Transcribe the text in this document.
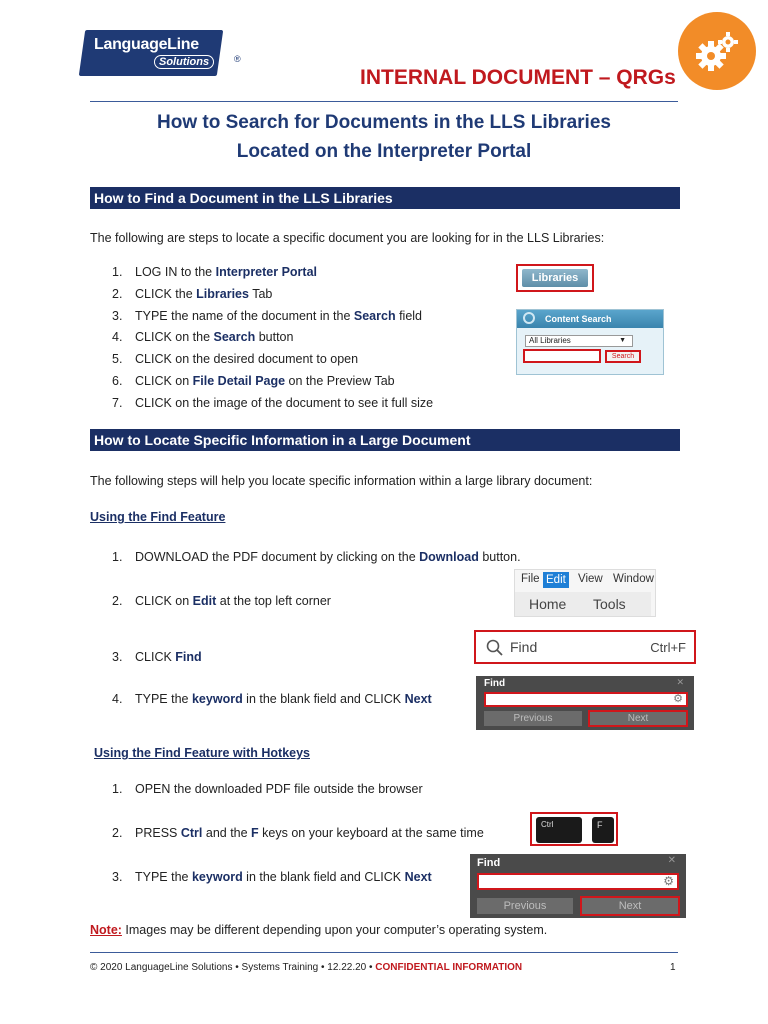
LanguageLine
Solutions	®
INTERNAL DOCUMENT – QRGs
How to Search for Documents in the LLS Libraries
Located on the Interpreter Portal
How to Find a Document in the LLS Libraries
The following are steps to locate a specific document you are looking for in the LLS Libraries:
1. LOG IN to the Interpreter Portal
2. CLICK the Libraries Tab
3. TYPE the name of the document in the Search field
4. CLICK on the Search button
5. CLICK on the desired document to open
6. CLICK on File Detail Page on the Preview Tab
7. CLICK on the image of the document to see it full size
Libraries
Content Search
All Libraries	▼
Search
How to Locate Specific Information in a Large Document
The following steps will help you locate specific information within a large library document:
Using the Find Feature
1. DOWNLOAD the PDF document by clicking on the Download button.
2. CLICK on Edit at the top left corner
3. CLICK Find
4. TYPE the keyword in the blank field and CLICK Next
File Edit View Window
Home Tools
Find	Ctrl+F
Find	✕
⚙
Previous	Next
Using the Find Feature with Hotkeys
1. OPEN the downloaded PDF file outside the browser
2. PRESS Ctrl and the F keys on your keyboard at the same time
3. TYPE the keyword in the blank field and CLICK Next
Ctrl	F
Find	✕
⚙
Previous	Next
Note: Images may be different depending upon your computer’s operating system.
© 2020 LanguageLine Solutions • Systems Training • 12.22.20 • CONFIDENTIAL INFORMATION	1
